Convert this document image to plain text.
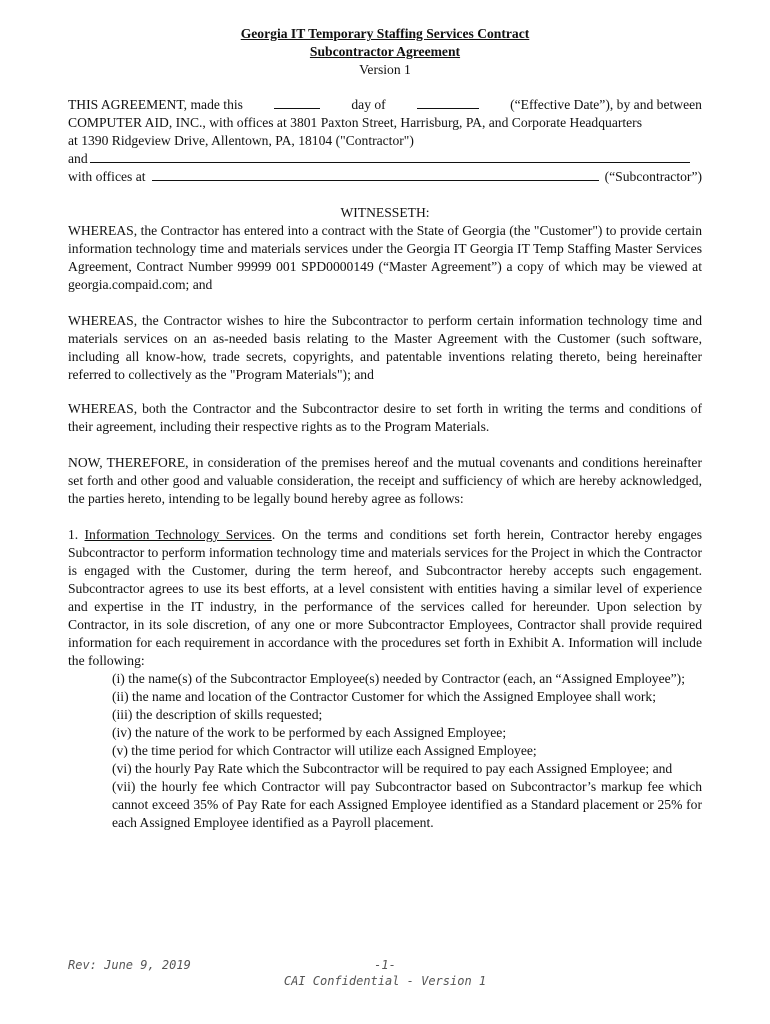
Georgia IT Temporary Staffing Services Contract
Subcontractor Agreement
Version 1
THIS AGREEMENT, made this	day of	(“Effective Date”), by and between
COMPUTER AID, INC., with offices at 3801 Paxton Street, Harrisburg, PA, and Corporate Headquarters
at 1390 Ridgeview Drive, Allentown, PA, 18104 ("Contractor")
and
with offices at	(“Subcontractor”)
WITNESSETH:

WHEREAS, the Contractor has entered into a contract with the State of Georgia (the "Customer") to provide certain information technology time and materials services under the Georgia IT Georgia IT Temp Staffing Master Services Agreement, Contract Number 99999 001 SPD0000149 (“Master Agreement”) a copy of which may be viewed at georgia.compaid.com; and

WHEREAS, the Contractor wishes to hire the Subcontractor to perform certain information technology time and materials services on an as-needed basis relating to the Master Agreement with the Customer (such software, including all know-how, trade secrets, copyrights, and patentable inventions relating thereto, being hereinafter referred to collectively as the "Program Materials"); and

WHEREAS, both the Contractor and the Subcontractor desire to set forth in writing the terms and conditions of their agreement, including their respective rights as to the Program Materials.

NOW, THEREFORE, in consideration of the premises hereof and the mutual covenants and conditions hereinafter set forth and other good and valuable consideration, the receipt and sufficiency of which are hereby acknowledged, the parties hereto, intending to be legally bound hereby agree as follows:

1. Information Technology Services. On the terms and conditions set forth herein, Contractor hereby engages Subcontractor to perform information technology time and materials services for the Project in which the Contractor is engaged with the Customer, during the term hereof, and Subcontractor hereby accepts such engagement. Subcontractor agrees to use its best efforts, at a level consistent with entities having a similar level of experience and expertise in the IT industry, in the performance of the services called for hereunder. Upon selection by Contractor, in its sole discretion, of any one or more Subcontractor Employees, Contractor shall provide required information for each requirement in accordance with the procedures set forth in Exhibit A. Information will include the following:

(i) the name(s) of the Subcontractor Employee(s) needed by Contractor (each, an “Assigned Employee”);
(ii) the name and location of the Contractor Customer for which the Assigned Employee shall work;
(iii) the description of skills requested;
(iv) the nature of the work to be performed by each Assigned Employee;
(v) the time period for which Contractor will utilize each Assigned Employee;
(vi) the hourly Pay Rate which the Subcontractor will be required to pay each Assigned Employee; and
(vii) the hourly fee which Contractor will pay Subcontractor based on Subcontractor’s markup fee which cannot exceed 35% of Pay Rate for each Assigned Employee identified as a Standard placement or 25% for each Assigned Employee identified as a Payroll placement.
Rev: June 9, 2019	-1-
CAI Confidential - Version 1
